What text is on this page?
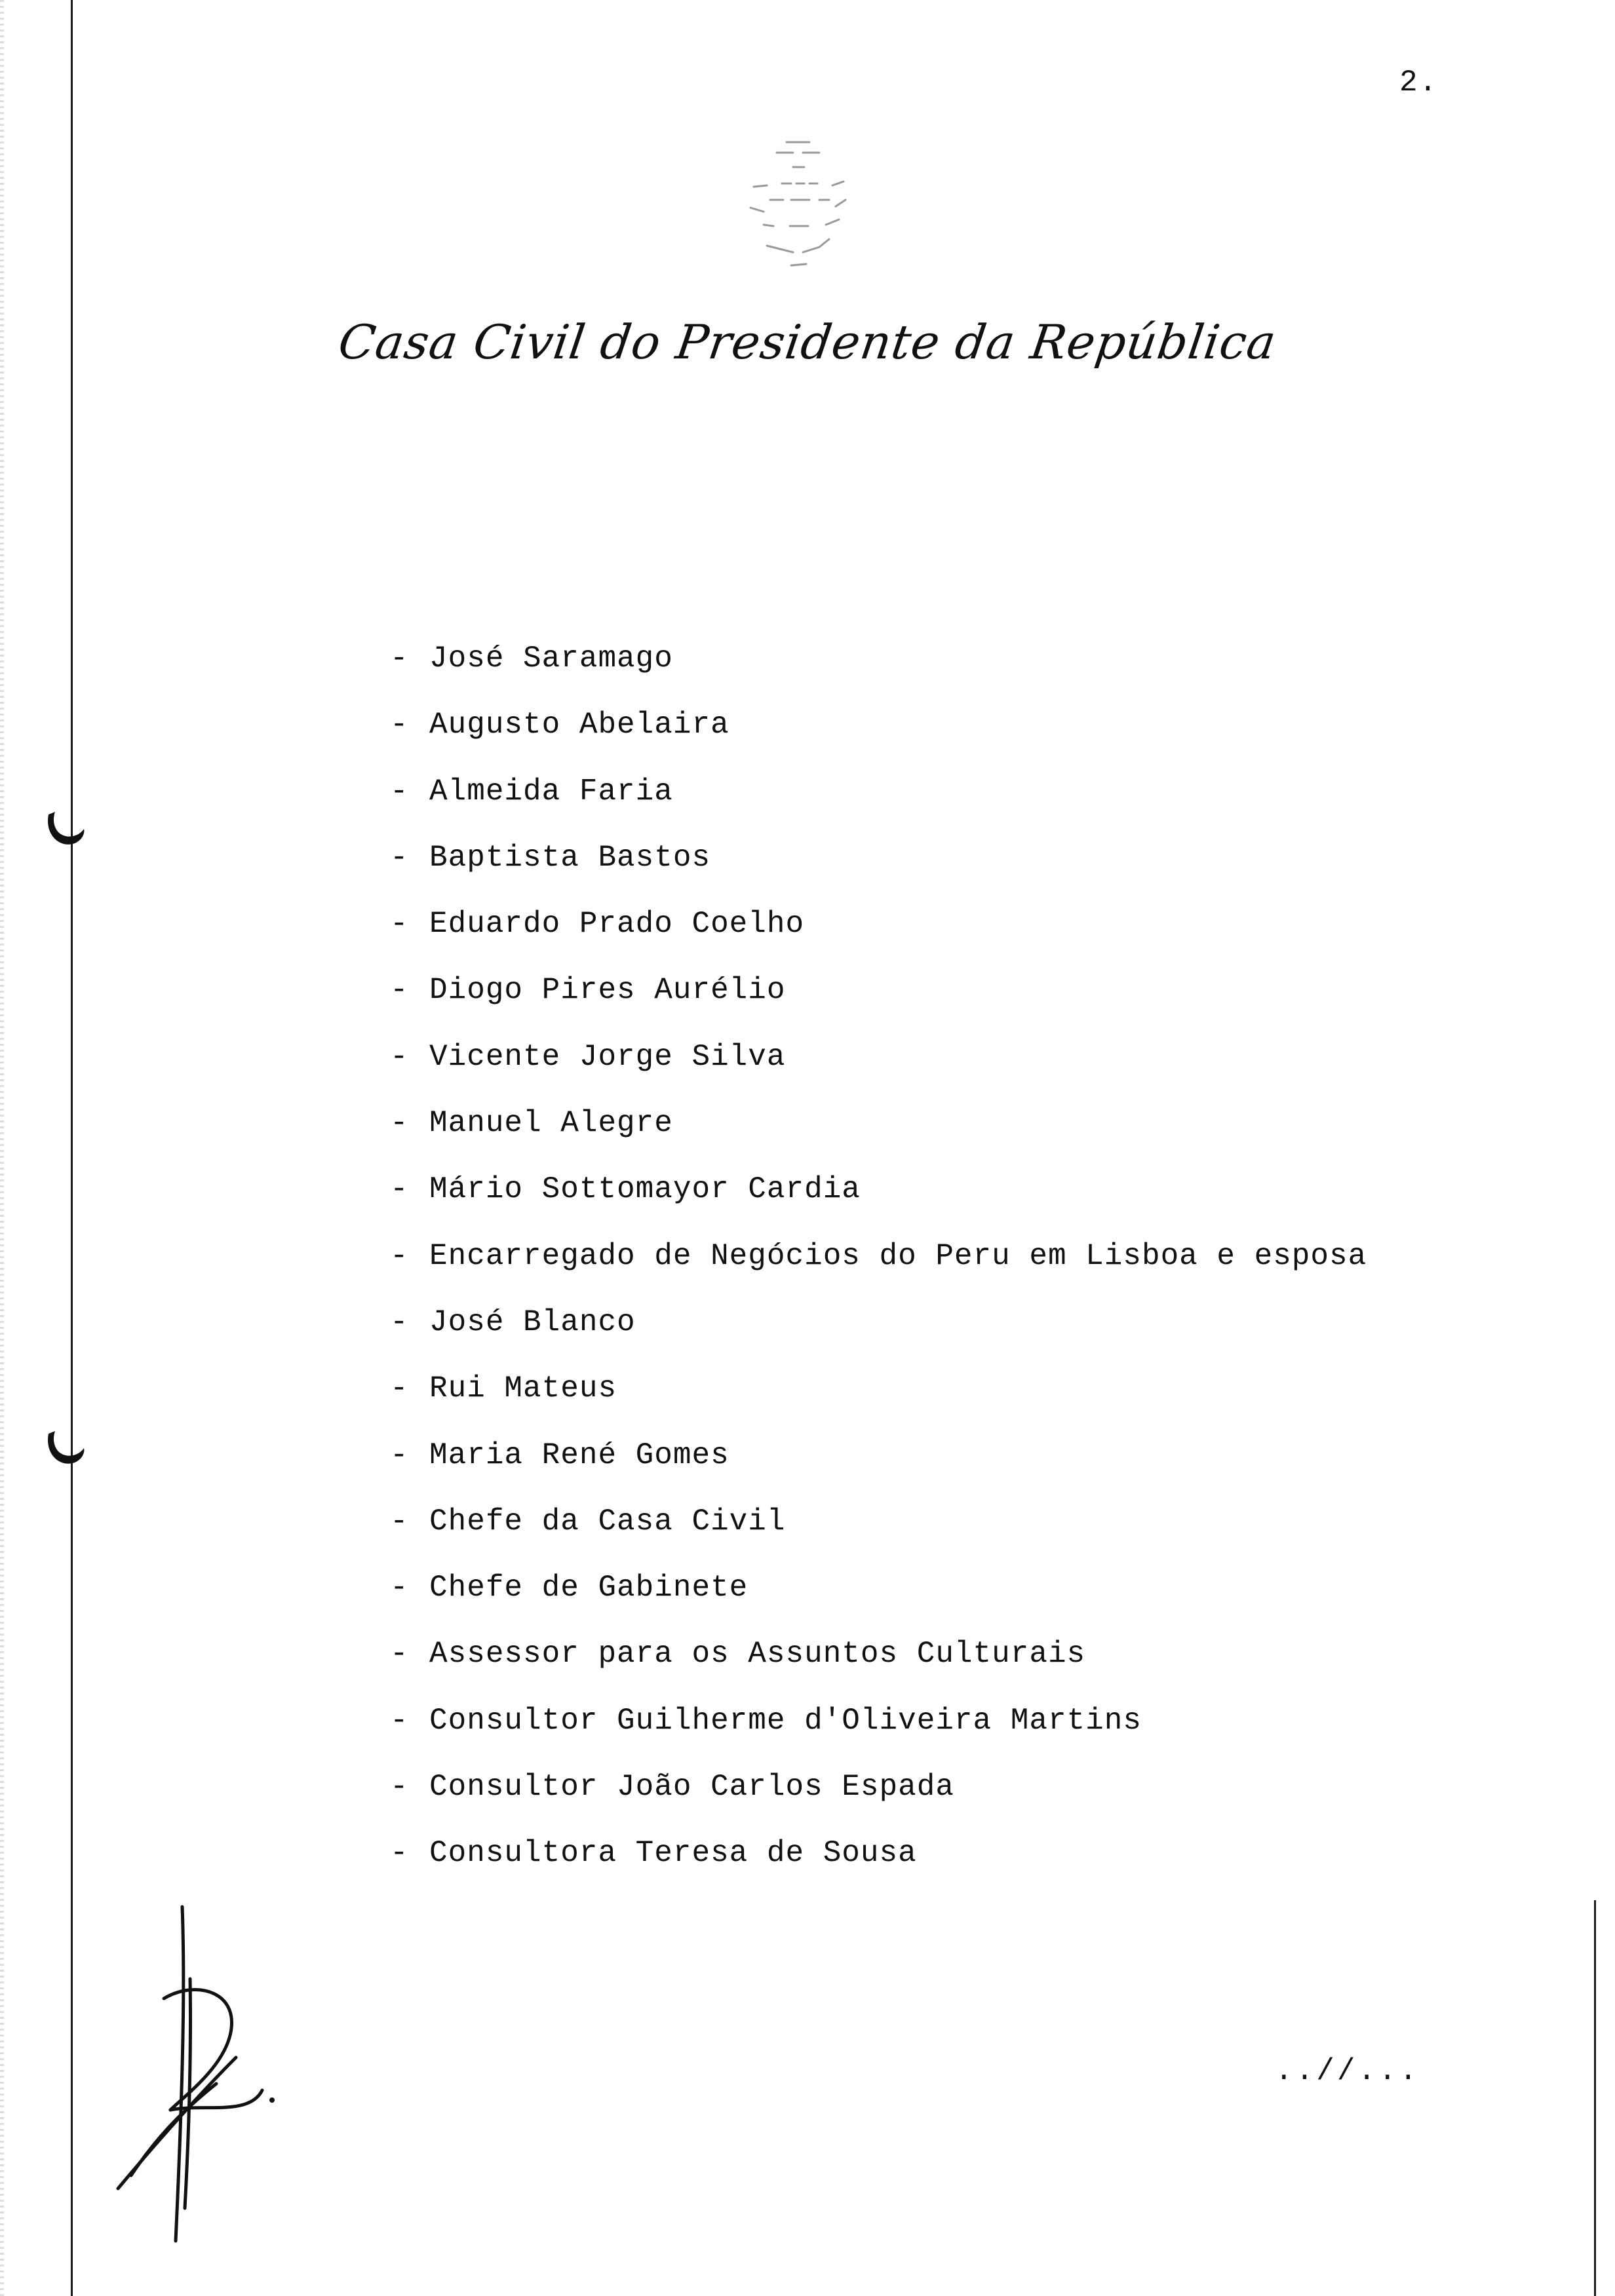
2.
Casa Civil do Presidente da República
- José Saramago
- Augusto Abelaira
- Almeida Faria
- Baptista Bastos
- Eduardo Prado Coelho
- Diogo Pires Aurélio
- Vicente Jorge Silva
- Manuel Alegre
- Mário Sottomayor Cardia
- Encarregado de Negócios do Peru em Lisboa e esposa
- José Blanco
- Rui Mateus
- Maria René Gomes
- Chefe da Casa Civil
- Chefe de Gabinete
- Assessor para os Assuntos Culturais
- Consultor Guilherme d'Oliveira Martins
- Consultor João Carlos Espada
- Consultora Teresa de Sousa
..//...
